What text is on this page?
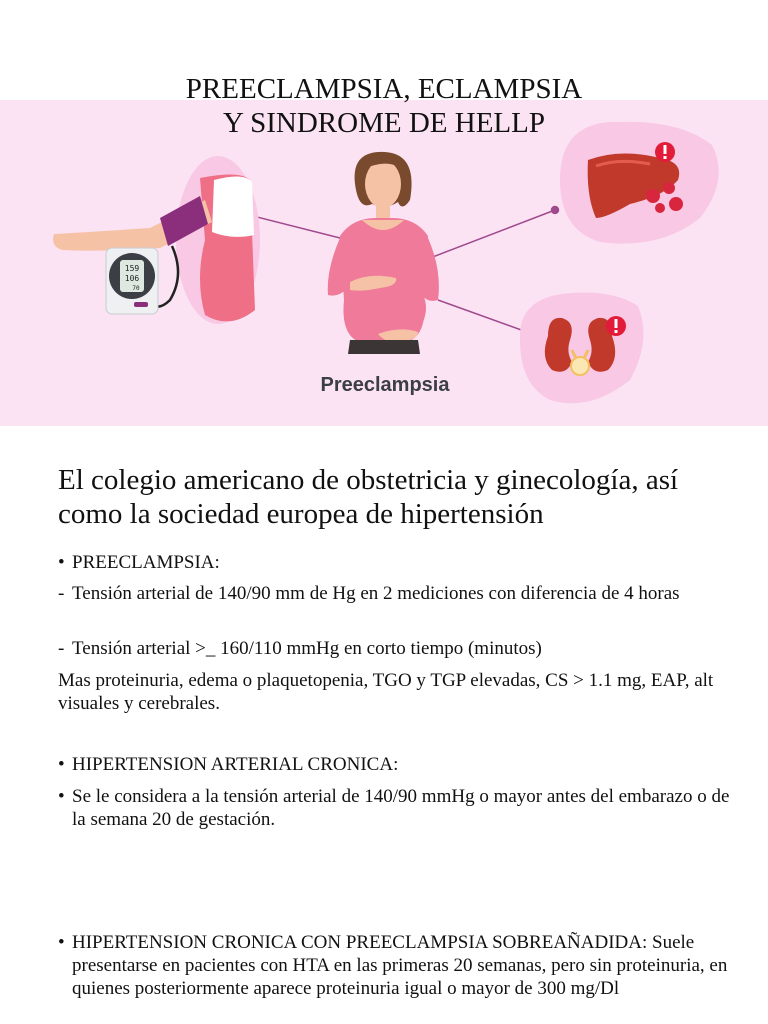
159
106
70
Preeclampsia
PREECLAMPSIA, ECLAMPSIA
Y SINDROME DE HELLP
El colegio americano de obstetricia y ginecología, así como la sociedad europea de hipertensión
• PREECLAMPSIA:
- Tensión arterial de 140/90 mm de Hg en 2 mediciones con diferencia de 4 horas
- Tensión arterial >_ 160/110 mmHg en corto tiempo (minutos)
Mas proteinuria, edema o plaquetopenia, TGO y TGP elevadas, CS > 1.1 mg, EAP, alt visuales y cerebrales.
• HIPERTENSION ARTERIAL CRONICA:
• Se le considera a la tensión arterial de 140/90 mmHg o mayor antes del embarazo o de la semana 20 de gestación.
• HIPERTENSION CRONICA CON PREECLAMPSIA SOBREAÑADIDA: Suele presentarse en pacientes con HTA en las primeras 20 semanas, pero sin proteinuria, en quienes posteriormente aparece proteinuria igual o mayor de 300 mg/Dl
